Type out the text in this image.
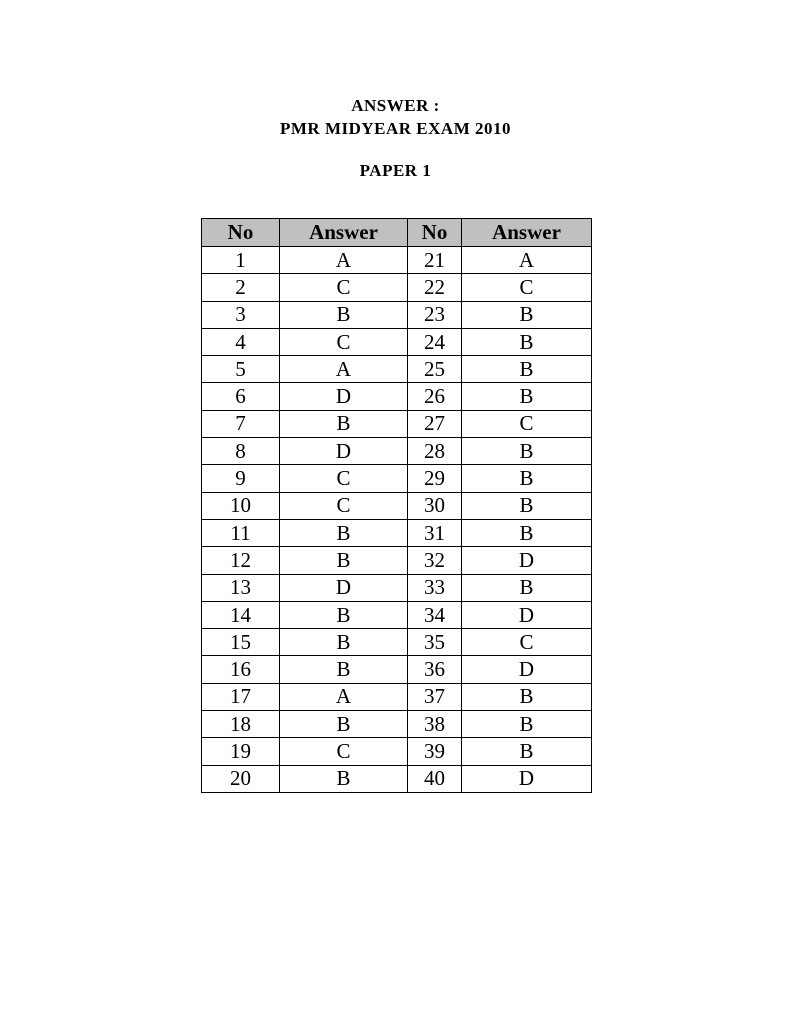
ANSWER :
PMR MIDYEAR EXAM 2010
PAPER 1
No	Answer	No	Answer
1	A	21	A
2	C	22	C
3	B	23	B
4	C	24	B
5	A	25	B
6	D	26	B
7	B	27	C
8	D	28	B
9	C	29	B
10	C	30	B
11	B	31	B
12	B	32	D
13	D	33	B
14	B	34	D
15	B	35	C
16	B	36	D
17	A	37	B
18	B	38	B
19	C	39	B
20	B	40	D
